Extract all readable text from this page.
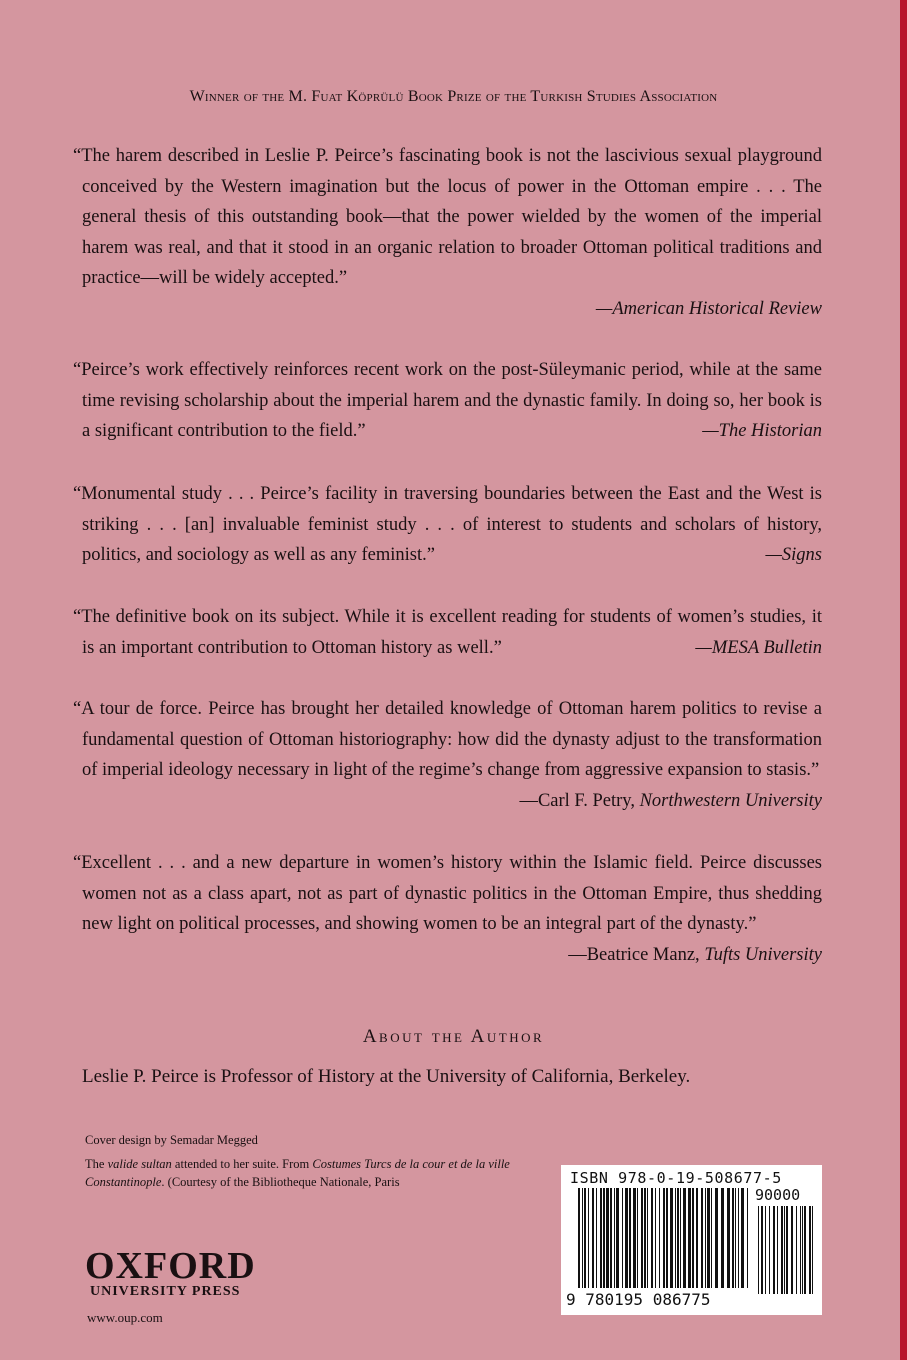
Winner of the M. Fuat Köprülü Book Prize of the Turkish Studies Association

“The harem described in Leslie P. Peirce’s fascinating book is not the lascivious sexual playground conceived by the Western imagination but the locus of power in the Ottoman empire . . . The general thesis of this outstanding book—that the power wielded by the women of the imperial harem was real, and that it stood in an organic relation to broader Ottoman political traditions and practice—will be widely accepted.”

—American Historical Review

“Peirce’s work effectively reinforces recent work on the post-Süleymanic period, while at the same time revising scholarship about the imperial harem and the dynastic family. In doing so, her book is a significant contribution to the field.”	—The Historian

“Monumental study . . . Peirce’s facility in traversing boundaries between the East and the West is striking . . . [an] invaluable feminist study . . . of interest to students and scholars of history, politics, and sociology as well as any feminist.”	—Signs

“The definitive book on its subject. While it is excellent reading for students of women’s studies, it is an important contribution to Ottoman history as well.”	—MESA Bulletin

“A tour de force. Peirce has brought her detailed knowledge of Ottoman harem politics to revise a fundamental question of Ottoman historiography: how did the dynasty adjust to the transformation of imperial ideology necessary in light of the regime’s change from aggressive expansion to stasis.”
—Carl F. Petry, Northwestern University

“Excellent . . . and a new departure in women’s history within the Islamic field. Peirce discusses women not as a class apart, not as part of dynastic politics in the Ottoman Empire, thus shedding new light on political processes, and showing women to be an integral part of the dynasty.”
—Beatrice Manz, Tufts University

About the Author
Leslie P. Peirce is Professor of History at the University of California, Berkeley.
Cover design by Semadar Megged
The valide sultan attended to her suite. From Costumes Turcs de la cour et de la ville Constantinople. (Courtesy of the Bibliotheque Nationale, Paris
OXFORD
UNIVERSITY PRESS
www.oup.com
ISBN 978-0-19-508677-5
90000
9 780195 086775
